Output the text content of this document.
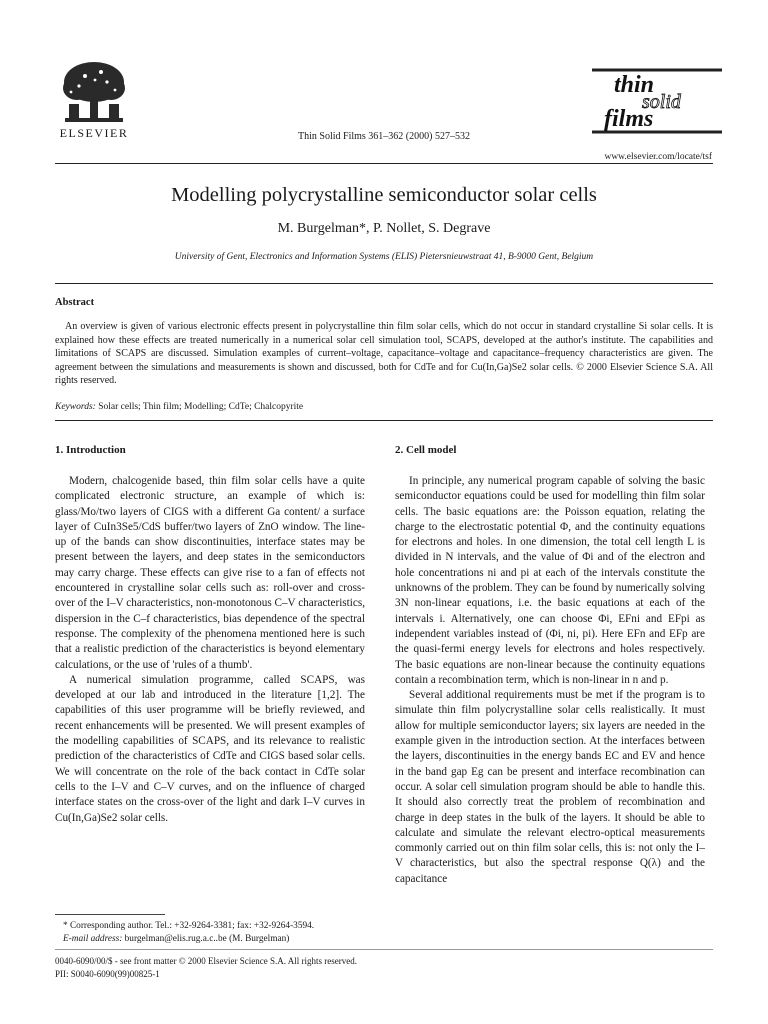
ELSEVIER	Thin Solid Films 361–362 (2000) 527–532
thin
solid
films
www.elsevier.com/locate/tsf
Modelling polycrystalline semiconductor solar cells
M. Burgelman*, P. Nollet, S. Degrave
University of Gent, Electronics and Information Systems (ELIS) Pietersnieuwstraat 41, B-9000 Gent, Belgium
Abstract
An overview is given of various electronic effects present in polycrystalline thin film solar cells, which do not occur in standard crystalline Si solar cells. It is explained how these effects are treated numerically in a numerical solar cell simulation tool, SCAPS, developed at the author's institute. The capabilities and limitations of SCAPS are discussed. Simulation examples of current–voltage, capacitance–voltage and capacitance–frequency characteristics are given. The agreement between the simulations and measurements is shown and discussed, both for CdTe and for Cu(In,Ga)Se2 solar cells. © 2000 Elsevier Science S.A. All rights reserved.
Keywords: Solar cells; Thin film; Modelling; CdTe; Chalcopyrite
1. Introduction	2. Cell model

Modern, chalcogenide based, thin film solar cells have a quite complicated electronic structure, an example of which is: glass/Mo/two layers of CIGS with a different Ga content/ a surface layer of CuIn3Se5/CdS buffer/two layers of ZnO window. The line-up of the bands can show discontinuities, interface states may be present between the layers, and deep states in the semiconductors may carry charge. These effects can give rise to a fan of effects not encountered in crystalline solar cells such as: roll-over and cross-over of the I–V characteristics, non-monotonous C–V characteristics, dispersion in the C–f characteristics, bias dependence of the spectral response. The complexity of the phenomena mentioned here is such that a realistic prediction of the characteristics is beyond elementary calculations, or the use of 'rules of a thumb'.

A numerical simulation programme, called SCAPS, was developed at our lab and introduced in the literature [1,2]. The capabilities of this user programme will be briefly reviewed, and recent enhancements will be presented. We will present examples of the modelling capabilities of SCAPS, and its relevance to realistic prediction of the characteristics of CdTe and CIGS based solar cells. We will concentrate on the role of the back contact in CdTe solar cells to the I–V and C–V curves, and on the influence of charged interface states on the cross-over of the light and dark I–V curves in Cu(In,Ga)Se2 solar cells.

In principle, any numerical program capable of solving the basic semiconductor equations could be used for modelling thin film solar cells. The basic equations are: the Poisson equation, relating the charge to the electrostatic potential Φ, and the continuity equations for electrons and holes. In one dimension, the total cell length L is divided in N intervals, and the value of Φi and of the electron and hole concentrations ni and pi at each of the intervals constitute the unknowns of the problem. They can be found by numerically solving 3N non-linear equations, i.e. the basic equations at each of the intervals i. Alternatively, one can choose Φi, EFni and EFpi as independent variables instead of (Φi, ni, pi). Here EFn and EFp are the quasi-fermi energy levels for electrons and holes respectively. The basic equations are non-linear because the continuity equations contain a recombination term, which is non-linear in n and p.

Several additional requirements must be met if the program is to simulate thin film polycrystalline solar cells realistically. It must allow for multiple semiconductor layers; six layers are needed in the example given in the introduction section. At the interfaces between the layers, discontinuities in the energy bands EC and EV and hence in the band gap Eg can be present and interface recombination can occur. A solar cell simulation program should be able to handle this. It should also correctly treat the problem of recombination and charge in deep states in the bulk of the layers. It should be able to calculate and simulate the relevant electro-optical measurements commonly carried out on thin film solar cells, this is: not only the I–V characteristics, but also the spectral response Q(λ) and the capacitance

* Corresponding author. Tel.: +32-9264-3381; fax: +32-9264-3594.
E-mail address: burgelman@elis.rug.a.c..be (M. Burgelman)
0040-6090/00/$ - see front matter © 2000 Elsevier Science S.A. All rights reserved.
PII: S0040-6090(99)00825-1
